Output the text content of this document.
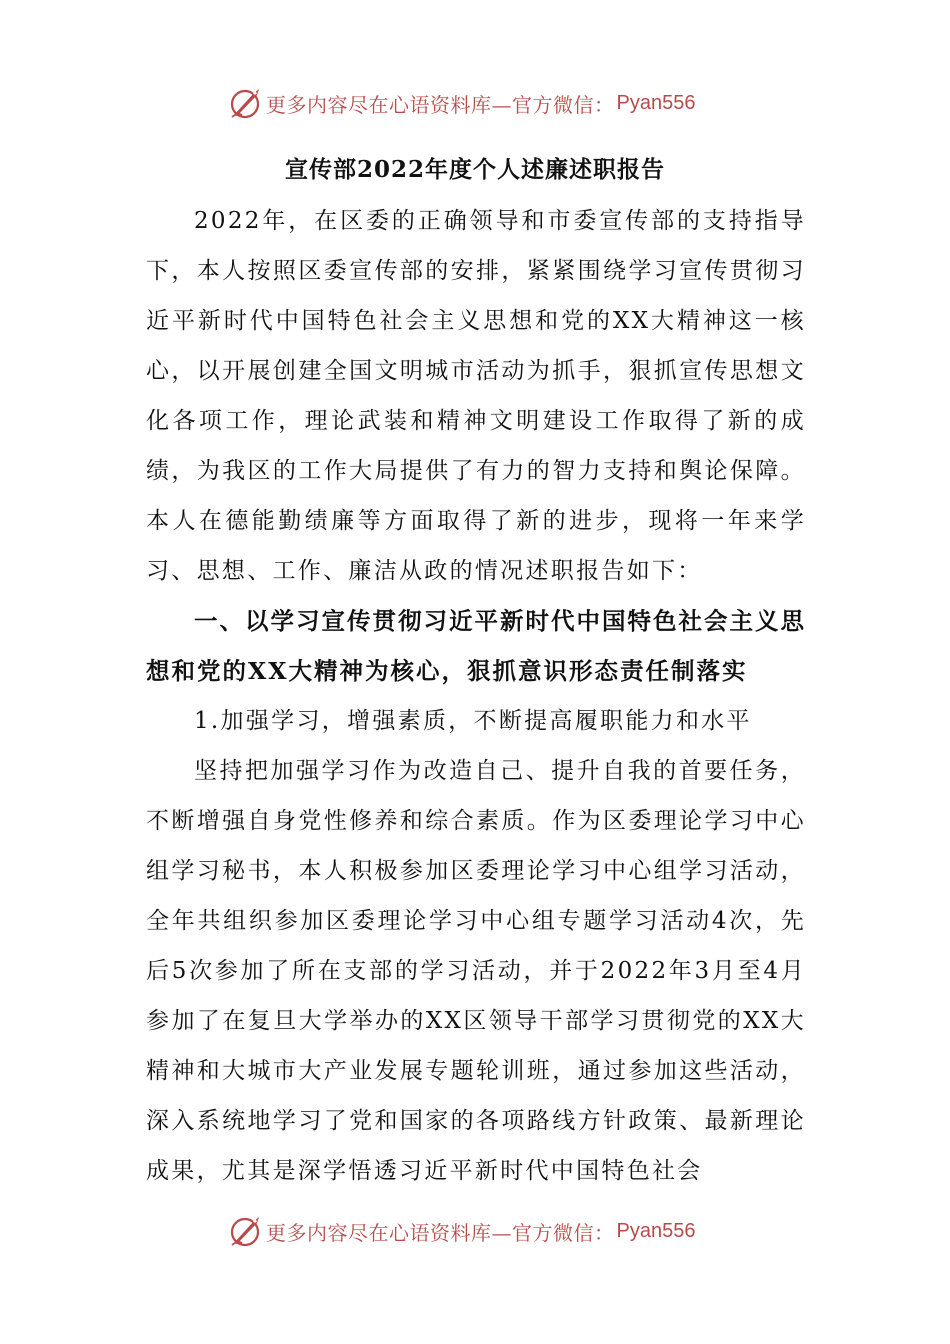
更多内容尽在心语资料库—官方微信： Pyan556
宣传部2022年度个人述廉述职报告

2022年，在区委的正确领导和市委宣传部的支持指导下，本人按照区委宣传部的安排，紧紧围绕学习宣传贯彻习近平新时代中国特色社会主义思想和党的XX大精神这一核心，以开展创建全国文明城市活动为抓手，狠抓宣传思想文化各项工作，理论武装和精神文明建设工作取得了新的成绩，为我区的工作大局提供了有力的智力支持和舆论保障。本人在德能勤绩廉等方面取得了新的进步，现将一年来学习、思想、工作、廉洁从政的情况述职报告如下：

一、以学习宣传贯彻习近平新时代中国特色社会主义思想和党的XX大精神为核心，狠抓意识形态责任制落实

1.加强学习，增强素质，不断提高履职能力和水平

坚持把加强学习作为改造自己、提升自我的首要任务，不断增强自身党性修养和综合素质。作为区委理论学习中心组学习秘书，本人积极参加区委理论学习中心组学习活动，全年共组织参加区委理论学习中心组专题学习活动4次，先后5次参加了所在支部的学习活动，并于2022年3月至4月参加了在复旦大学举办的XX区领导干部学习贯彻党的XX大精神和大城市大产业发展专题轮训班，通过参加这些活动，深入系统地学习了党和国家的各项路线方针政策、最新理论成果，尤其是深学悟透习近平新时代中国特色社会

更多内容尽在心语资料库—官方微信： Pyan556
